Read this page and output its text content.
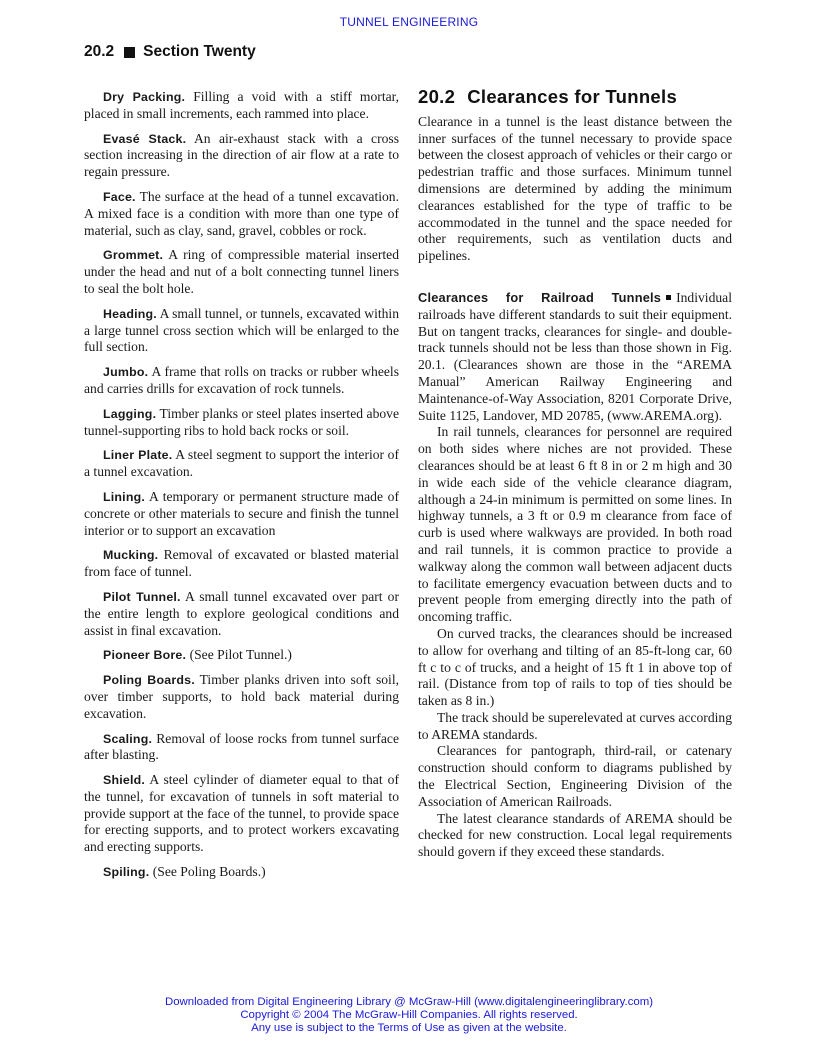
TUNNEL ENGINEERING
20.2 Section Twenty

Dry Packing. Filling a void with a stiff mortar, placed in small increments, each rammed into place.

Evasé Stack. An air-exhaust stack with a cross section increasing in the direction of air flow at a rate to regain pressure.

Face. The surface at the head of a tunnel excavation. A mixed face is a condition with more than one type of material, such as clay, sand, gravel, cobbles or rock.

Grommet. A ring of compressible material inserted under the head and nut of a bolt connecting tunnel liners to seal the bolt hole.

Heading. A small tunnel, or tunnels, excavated within a large tunnel cross section which will be enlarged to the full section.

Jumbo. A frame that rolls on tracks or rubber wheels and carries drills for excavation of rock tunnels.

Lagging. Timber planks or steel plates inserted above tunnel-supporting ribs to hold back rocks or soil.

Liner Plate. A steel segment to support the interior of a tunnel excavation.

Lining. A temporary or permanent structure made of concrete or other materials to secure and finish the tunnel interior or to support an excavation

Mucking. Removal of excavated or blasted material from face of tunnel.

Pilot Tunnel. A small tunnel excavated over part or the entire length to explore geological conditions and assist in final excavation.

Pioneer Bore. (See Pilot Tunnel.)

Poling Boards. Timber planks driven into soft soil, over timber supports, to hold back material during excavation.

Scaling. Removal of loose rocks from tunnel surface after blasting.

Shield. A steel cylinder of diameter equal to that of the tunnel, for excavation of tunnels in soft material to provide support at the face of the tunnel, to provide space for erecting supports, and to protect workers excavating and erecting supports.

Spiling. (See Poling Boards.)

20.2 Clearances for Tunnels

Clearance in a tunnel is the least distance between the inner surfaces of the tunnel necessary to provide space between the closest approach of vehicles or their cargo or pedestrian traffic and those surfaces. Minimum tunnel dimensions are determined by adding the minimum clearances established for the type of traffic to be accommodated in the tunnel and the space needed for other requirements, such as ventilation ducts and pipelines.

Clearances for Railroad Tunnels Individual railroads have different standards to suit their equipment. But on tangent tracks, clearances for single- and double-track tunnels should not be less than those shown in Fig. 20.1. (Clearances shown are those in the “AREMA Manual” American Railway Engineering and Maintenance-of-Way Association, 8201 Corporate Drive, Suite 1125, Landover, MD 20785, (www.AREMA.org).

In rail tunnels, clearances for personnel are required on both sides where niches are not provided. These clearances should be at least 6 ft 8 in or 2 m high and 30 in wide each side of the vehicle clearance diagram, although a 24-in minimum is permitted on some lines. In highway tunnels, a 3 ft or 0.9 m clearance from face of curb is used where walkways are provided. In both road and rail tunnels, it is common practice to provide a walkway along the common wall between adjacent ducts to facilitate emergency evacuation between ducts and to prevent people from emerging directly into the path of oncoming traffic.

On curved tracks, the clearances should be increased to allow for overhang and tilting of an 85-ft-long car, 60 ft c to c of trucks, and a height of 15 ft 1 in above top of rail. (Distance from top of rails to top of ties should be taken as 8 in.)

The track should be superelevated at curves according to AREMA standards.

Clearances for pantograph, third-rail, or catenary construction should conform to diagrams published by the Electrical Section, Engineering Division of the Association of American Railroads.

The latest clearance standards of AREMA should be checked for new construction. Local legal requirements should govern if they exceed these standards.

Downloaded from Digital Engineering Library @ McGraw-Hill (www.digitalengineeringlibrary.com)
Copyright © 2004 The McGraw-Hill Companies. All rights reserved.
Any use is subject to the Terms of Use as given at the website.
